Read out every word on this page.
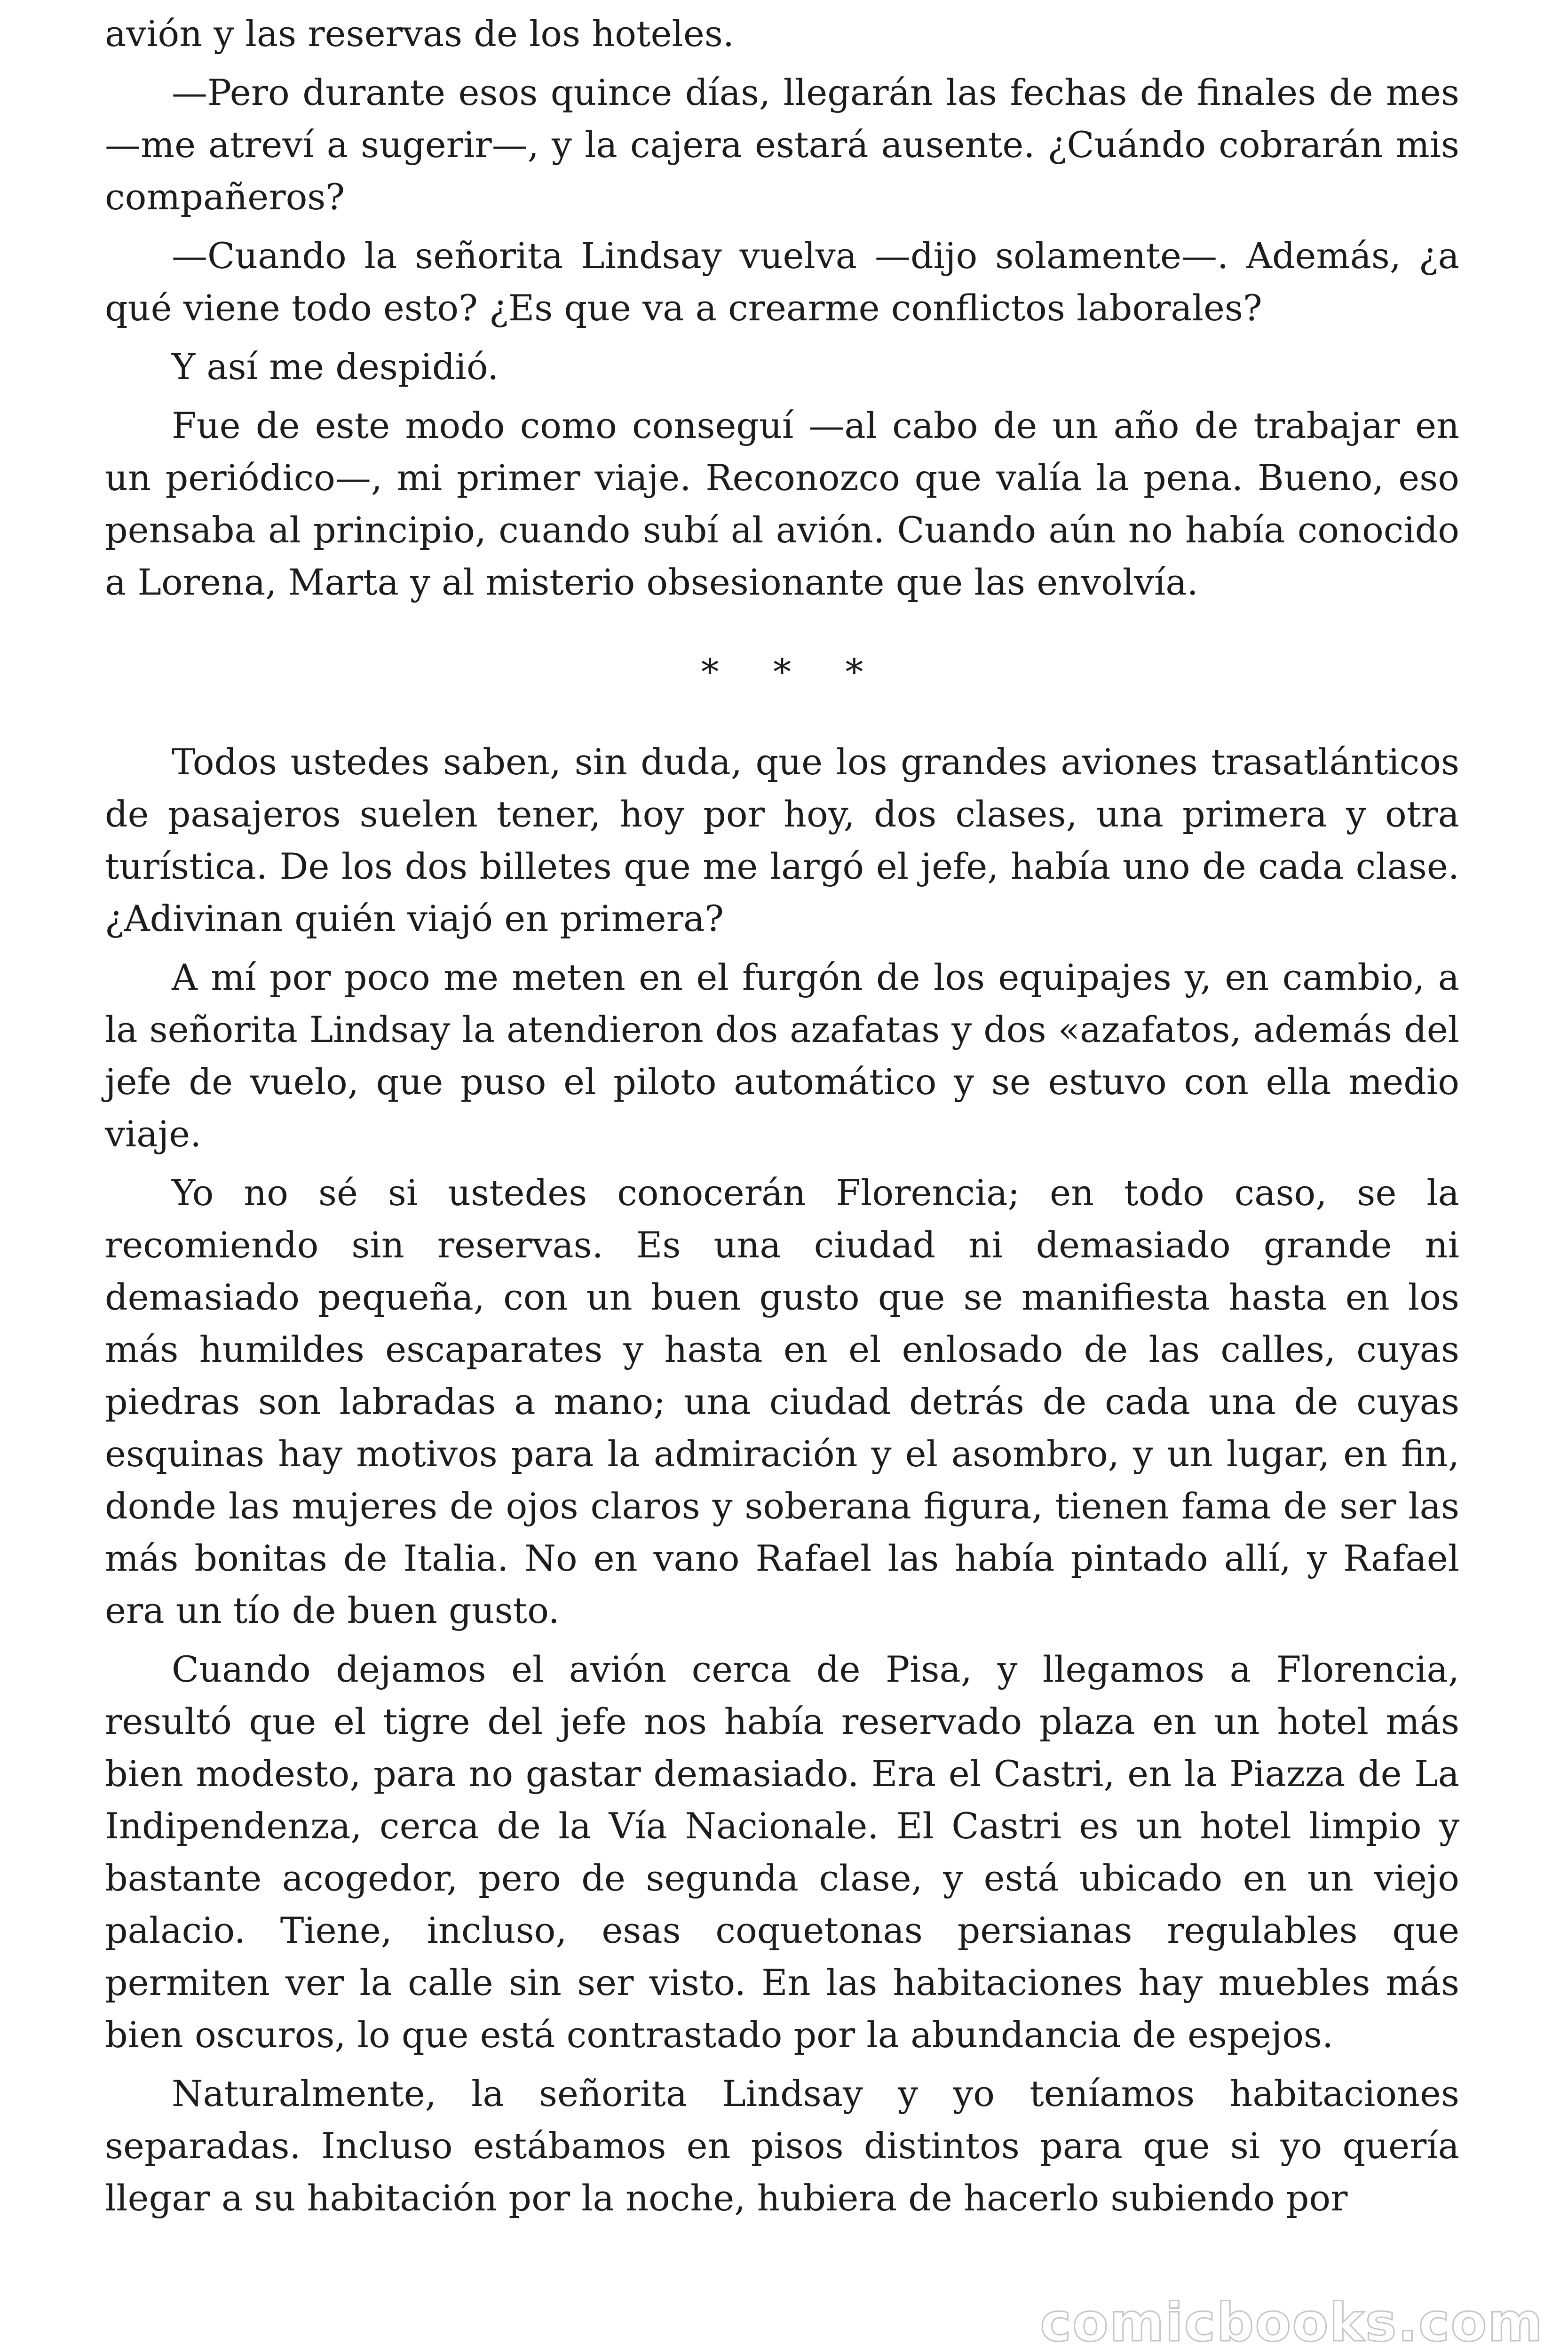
avión y las reservas de los hoteles.

—Pero durante esos quince días, llegarán las fechas de finales de mes —me atreví a sugerir—, y la cajera estará ausente. ¿Cuándo cobrarán mis compañeros?

—Cuando la señorita Lindsay vuelva —dijo solamente—. Además, ¿a qué viene todo esto? ¿Es que va a crearme conflictos laborales?

Y así me despidió.

Fue de este modo como conseguí —al cabo de un año de trabajar en un periódico—, mi primer viaje. Reconozco que valía la pena. Bueno, eso pensaba al principio, cuando subí al avión. Cuando aún no había conocido a Lorena, Marta y al misterio obsesionante que las envolvía.

* * *

Todos ustedes saben, sin duda, que los grandes aviones trasatlánticos de pasajeros suelen tener, hoy por hoy, dos clases, una primera y otra turística. De los dos billetes que me largó el jefe, había uno de cada clase. ¿Adivinan quién viajó en primera?

A mí por poco me meten en el furgón de los equipajes y, en cambio, a la señorita Lindsay la atendieron dos azafatas y dos «azafatos, además del jefe de vuelo, que puso el piloto automático y se estuvo con ella medio viaje.

Yo no sé si ustedes conocerán Florencia; en todo caso, se la recomiendo sin reservas. Es una ciudad ni demasiado grande ni demasiado pequeña, con un buen gusto que se manifiesta hasta en los más humildes escaparates y hasta en el enlosado de las calles, cuyas piedras son labradas a mano; una ciudad detrás de cada una de cuyas esquinas hay motivos para la admiración y el asombro, y un lugar, en fin, donde las mujeres de ojos claros y soberana figura, tienen fama de ser las más bonitas de Italia. No en vano Rafael las había pintado allí, y Rafael era un tío de buen gusto.

Cuando dejamos el avión cerca de Pisa, y llegamos a Florencia, resultó que el tigre del jefe nos había reservado plaza en un hotel más bien modesto, para no gastar demasiado. Era el Castri, en la Piazza de La Indipendenza, cerca de la Vía Nacionale. El Castri es un hotel limpio y bastante acogedor, pero de segunda clase, y está ubicado en un viejo palacio. Tiene, incluso, esas coquetonas persianas regulables que permiten ver la calle sin ser visto. En las habitaciones hay muebles más bien oscuros, lo que está contrastado por la abundancia de espejos.

Naturalmente, la señorita Lindsay y yo teníamos habitaciones separadas. Incluso estábamos en pisos distintos para que si yo quería llegar a su habitación por la noche, hubiera de hacerlo subiendo por

comicbooks.com
